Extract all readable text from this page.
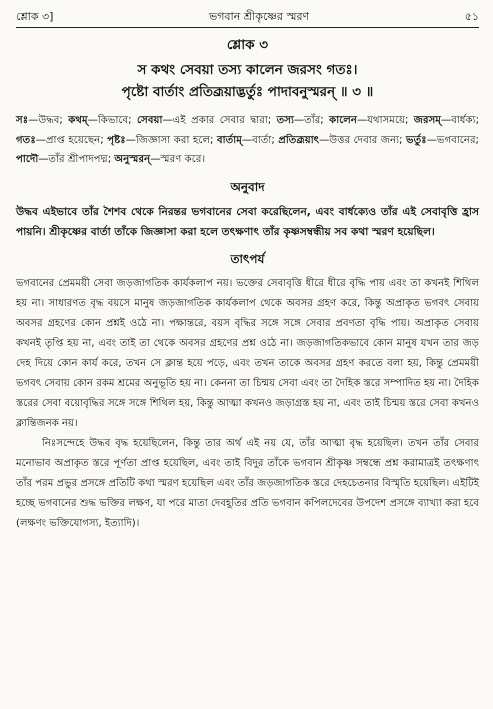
শ্লোক ৩]	ভগবান শ্রীকৃষ্ণের স্মরণ	৫১
শ্লোক ৩
স কথং সেবয়া তস্য কালেন জরসং গতঃ।
পৃষ্টো বার্তাং প্রতিব্রূয়াদ্ভর্তুঃ পাদাবনুস্মরন্ ॥ ৩ ॥
সঃ—উদ্ধব; কথম্—কিভাবে; সেবয়া—এই প্রকার সেবার দ্বারা; তস্য—তাঁর; কালেন—যথাসময়ে; জরসম্—বার্ধক্য; গতঃ—প্রাপ্ত হয়েছেন; পৃষ্টঃ—জিজ্ঞাসা করা হলে; বার্তাম্—বার্তা; প্রতিব্রূয়াৎ—উত্তর দেবার জন্য; ভর্তুঃ—ভগবানের; পাদৌ—তাঁর শ্রীপাদপদ্ম; অনুস্মরন্—স্মরণ করে।
অনুবাদ
উদ্ধব এইভাবে তাঁর শৈশব থেকে নিরন্তর ভগবানের সেবা করেছিলেন, এবং বার্ধক্যেও তাঁর এই সেবাবৃত্তি হ্রাস পায়নি। শ্রীকৃষ্ণের বার্তা তাঁকে জিজ্ঞাসা করা হলে তৎক্ষণাৎ তাঁর কৃষ্ণসম্বন্ধীয় সব কথা স্মরণ হয়েছিল।
তাৎপর্য

ভগবানের প্রেমময়ী সেবা জড়জাগতিক কার্যকলাপ নয়। ভক্তের সেবাবৃত্তি ধীরে ধীরে বৃদ্ধি পায় এবং তা কখনই শিথিল হয় না। সাধারণত বৃদ্ধ বয়সে মানুষ জড়জাগতিক কার্যকলাপ থেকে অবসর গ্রহণ করে, কিন্তু অপ্রাকৃত ভগবৎ সেবায় অবসর গ্রহণের কোন প্রশ্নই ওঠে না। পক্ষান্তরে, বয়স বৃদ্ধির সঙ্গে সঙ্গে সেবার প্রবণতা বৃদ্ধি পায়। অপ্রাকৃত সেবায় কখনই তৃপ্তি হয় না, এবং তাই তা থেকে অবসর গ্রহণের প্রশ্ন ওঠে না। জড়জাগতিকভাবে কোন মানুষ যখন তার জড় দেহ দিয়ে কোন কার্য করে, তখন সে ক্লান্ত হয়ে পড়ে, এবং তখন তাকে অবসর গ্রহণ করতে বলা হয়, কিন্তু প্রেমময়ী ভগবৎ সেবায় কোন রকম শ্রমের অনুভূতি হয় না। কেননা তা চিন্ময় সেবা এবং তা দৈহিক স্তরে সম্পাদিত হয় না। দৈহিক স্তরের সেবা বয়োবৃদ্ধির সঙ্গে সঙ্গে শিথিল হয়, কিন্তু আত্মা কখনও জড়াগ্রস্ত হয় না, এবং তাই চিন্ময় স্তরে সেবা কখনও ক্লান্তিজনক নয়।

নিঃসন্দেহে উদ্ধব বৃদ্ধ হয়েছিলেন, কিন্তু তার অর্থ এই নয় যে, তাঁর আত্মা বৃদ্ধ হয়েছিল। তখন তাঁর সেবার মনোভাব অপ্রাকৃত স্তরে পূর্ণতা প্রাপ্ত হয়েছিল, এবং তাই বিদুর তাঁকে ভগবান শ্রীকৃষ্ণ সম্বন্ধে প্রশ্ন করামাত্রই তৎক্ষণাৎ তাঁর পরম প্রভুর প্রসঙ্গে প্রতিটি কথা স্মরণ হয়েছিল এবং তাঁর জড়জাগতিক স্তরে দেহচেতনার বিস্মৃতি হয়েছিল। এইটিই হচ্ছে ভগবানের শুদ্ধ ভক্তির লক্ষণ, যা পরে মাতা দেবহূতির প্রতি ভগবান কপিলদেবের উপদেশ প্রসঙ্গে ব্যাখ্যা করা হবে (লক্ষণং ভক্তিযোগস্য, ইত্যাদি)।
